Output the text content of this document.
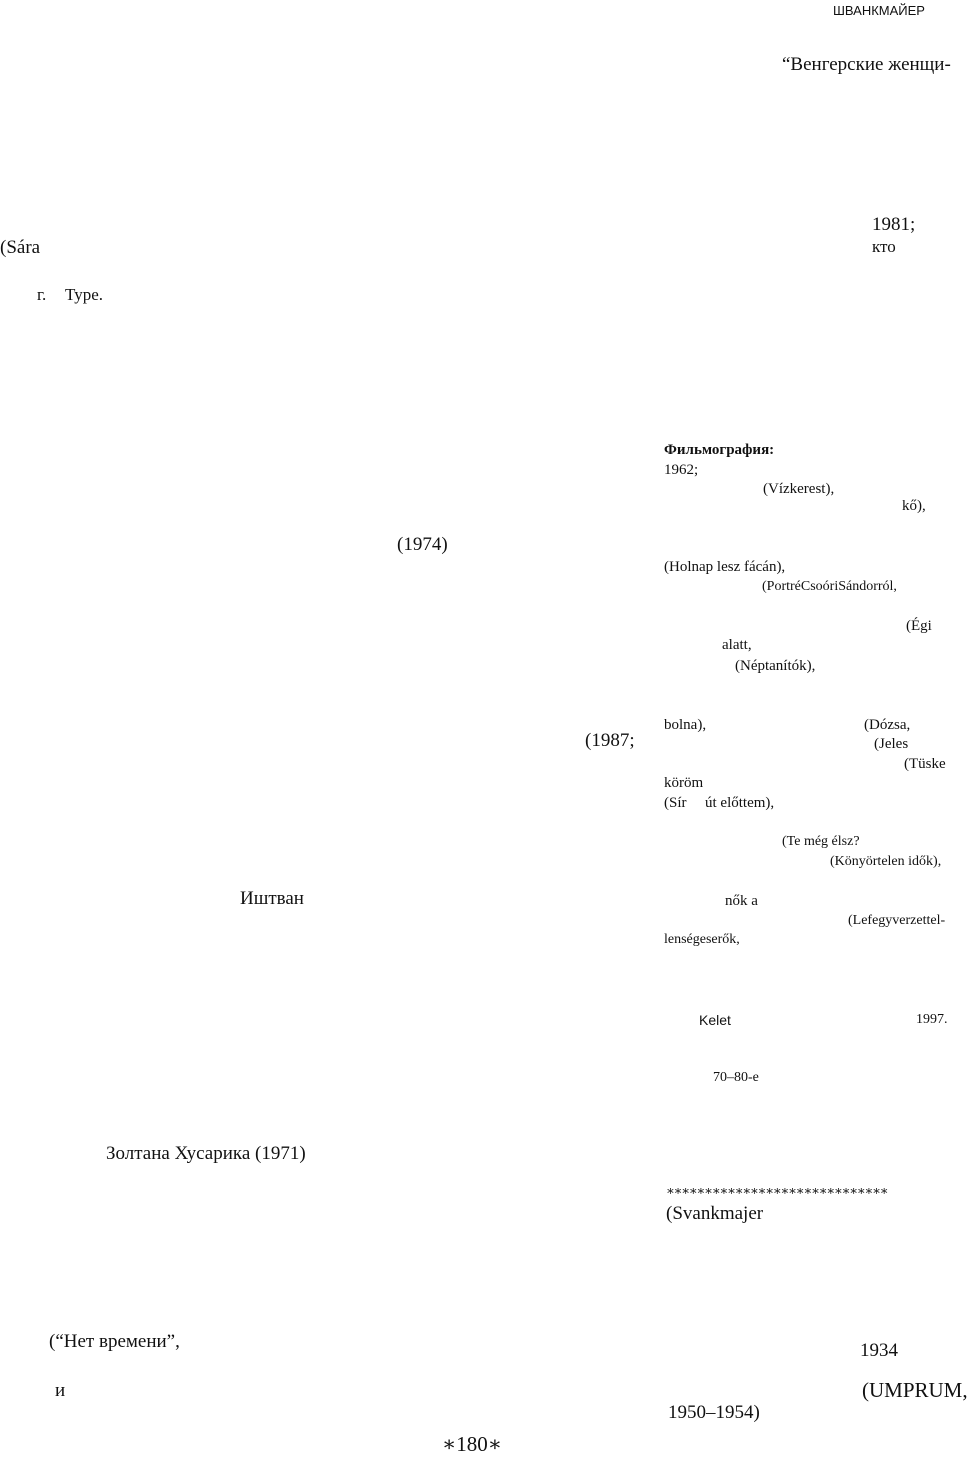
ШВАНКМАЙЕР
“Венгерские женщи-
1981;
кто
(Sára
г. Type.
(1974)
(1987;
Иштван
Золтана Хусарика (1971)
(“Нет времени”,
и
Фильмография:
1962;
(Vízkerest),
kő),
(Holnap lesz fácán),
(PortréCsoóriSándorról,
(Égi
alatt,
(Néptanítók),
bolna),	(Dózsa,
(Jeles
(Tüske
köröm
(Sír út előttem),
(Te még élsz?
(Könyörtelen idők),
nők a
(Lefegyverzettel-
lenségeserők,
Kelet	1997.
70–80-е
∗∗∗∗∗∗∗∗∗∗∗∗∗∗∗∗∗∗∗∗∗∗∗∗∗∗∗∗∗
(Svankmajer
1934
(UMPRUM,
1950–1954)
∗180∗
